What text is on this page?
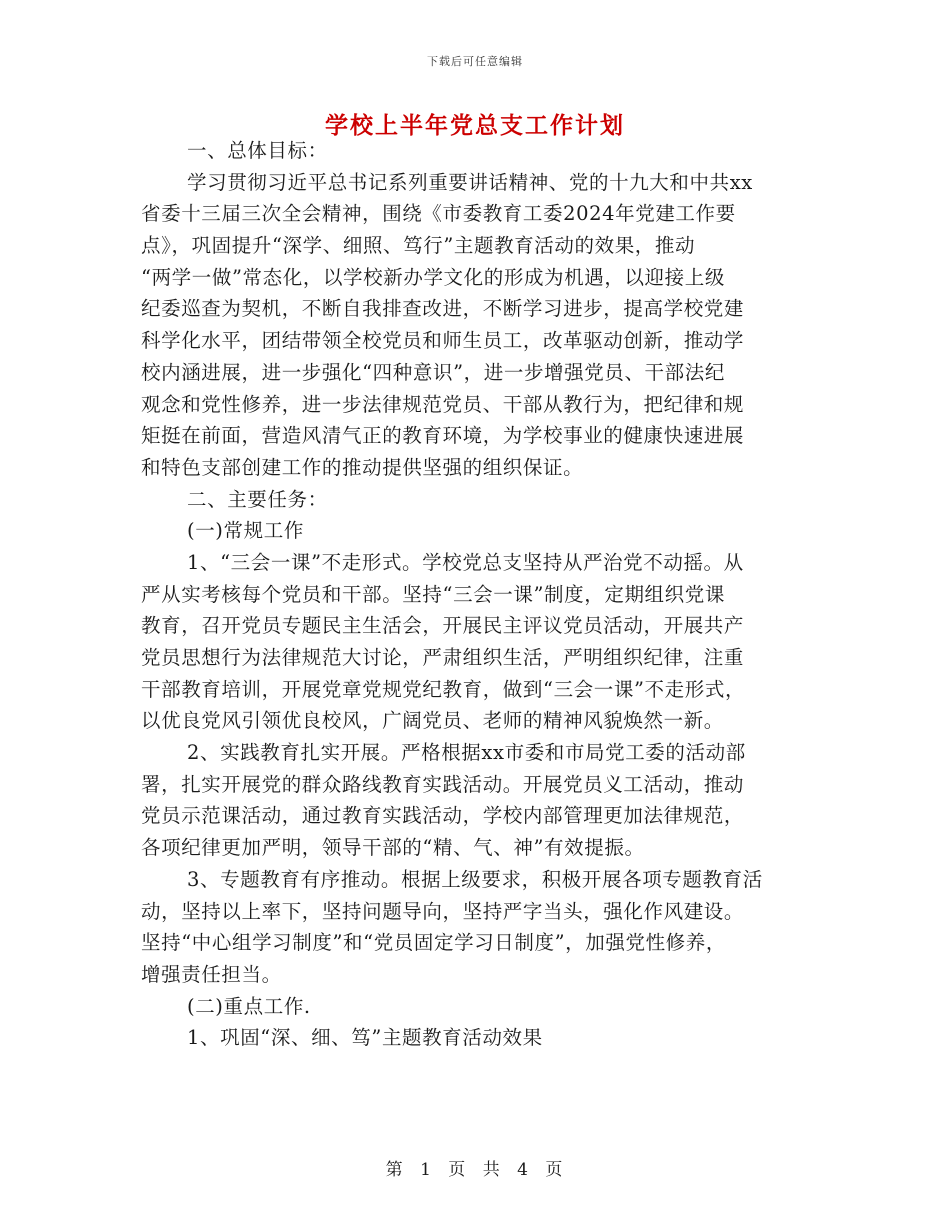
下载后可任意编辑
学校上半年党总支工作计划
一、总体目标：
学习贯彻习近平总书记系列重要讲话精神、党的十九大和中共xx
省委十三届三次全会精神，围绕《市委教育工委2024年党建工作要
点》，巩固提升“深学、细照、笃行”主题教育活动的效果，推动
“两学一做”常态化，以学校新办学文化的形成为机遇，以迎接上级
纪委巡查为契机，不断自我排查改进，不断学习进步，提高学校党建
科学化水平，团结带领全校党员和师生员工，改革驱动创新，推动学
校内涵进展，进一步强化“四种意识”，进一步增强党员、干部法纪
观念和党性修养，进一步法律规范党员、干部从教行为，把纪律和规
矩挺在前面，营造风清气正的教育环境，为学校事业的健康快速进展
和特色支部创建工作的推动提供坚强的组织保证。
二、主要任务：
(一)常规工作
1、“三会一课”不走形式。学校党总支坚持从严治党不动摇。从
严从实考核每个党员和干部。坚持“三会一课”制度，定期组织党课
教育，召开党员专题民主生活会，开展民主评议党员活动，开展共产
党员思想行为法律规范大讨论，严肃组织生活，严明组织纪律，注重
干部教育培训，开展党章党规党纪教育，做到“三会一课”不走形式，
以优良党风引领优良校风，广阔党员、老师的精神风貌焕然一新。
2、实践教育扎实开展。严格根据xx市委和市局党工委的活动部
署，扎实开展党的群众路线教育实践活动。开展党员义工活动，推动
党员示范课活动，通过教育实践活动，学校内部管理更加法律规范，
各项纪律更加严明，领导干部的“精、气、神”有效提振。
3、专题教育有序推动。根据上级要求，积极开展各项专题教育活
动，坚持以上率下，坚持问题导向，坚持严字当头，强化作风建设。
坚持“中心组学习制度”和“党员固定学习日制度”，加强党性修养，
增强责任担当。
(二)重点工作.
1、巩固“深、细、笃”主题教育活动效果
第 1 页 共 4 页
